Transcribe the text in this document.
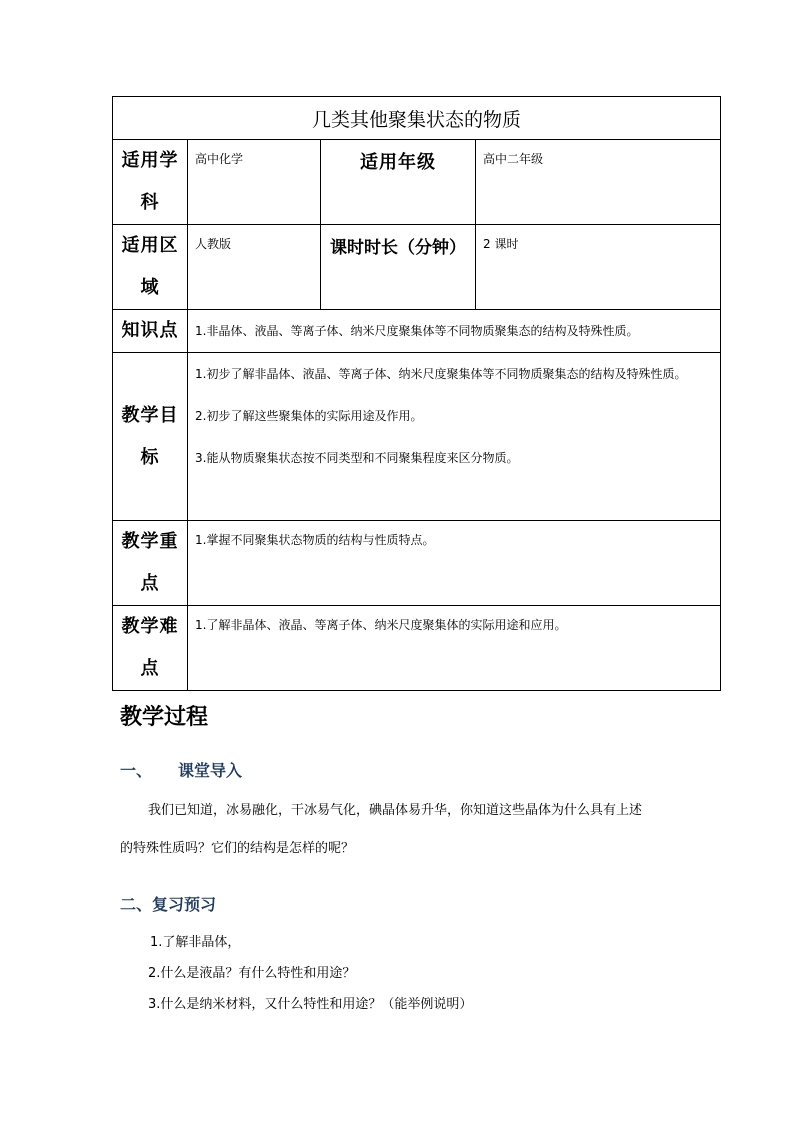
几类其他聚集状态的物质			
适用学科	高中化学	适用年级	高中二年级
适用区域	人教版	课时时长（分钟）	2 课时
知识点	1.非晶体、液晶、等离子体、纳米尺度聚集体等不同物质聚集态的结构及特殊性质。		
教学目标	1.初步了解非晶体、液晶、等离子体、纳米尺度聚集体等不同物质聚集态的结构及特殊性质。
2.初步了解这些聚集体的实际用途及作用。
3.能从物质聚集状态按不同类型和不同聚集程度来区分物质。		

教学重点	1.掌握不同聚集状态物质的结构与性质特点。		
教学难点	1.了解非晶体、液晶、等离子体、纳米尺度聚集体的实际用途和应用。		
教学过程
一、 课堂导入
我们已知道，冰易融化，干冰易气化，碘晶体易升华，你知道这些晶体为什么具有上述
的特殊性质吗？它们的结构是怎样的呢？
二、复习预习
1.了解非晶体，
2.什么是液晶？有什么特性和用途？
3.什么是纳米材料，又什么特性和用途？（能举例说明）
